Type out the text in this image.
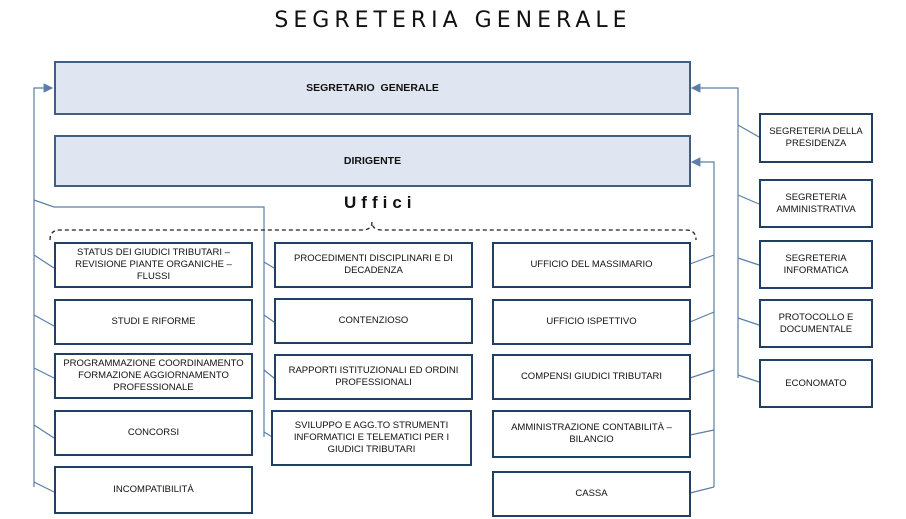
SEGRETERIA GENERALE
SEGRETARIO  GENERALE
DIRIGENTE
Uffici
STATUS DEI GIUDICI TRIBUTARI – REVISIONE PIANTE ORGANICHE – FLUSSI
STUDI E RIFORME
PROGRAMMAZIONE COORDINAMENTO FORMAZIONE AGGIORNAMENTO PROFESSIONALE
CONCORSI
INCOMPATIBILITÀ
PROCEDIMENTI DISCIPLINARI E DI DECADENZA
CONTENZIOSO
RAPPORTI ISTITUZIONALI ED ORDINI PROFESSIONALI
SVILUPPO E AGG.TO STRUMENTI INFORMATICI E TELEMATICI PER I GIUDICI TRIBUTARI
UFFICIO DEL MASSIMARIO
UFFICIO ISPETTIVO
COMPENSI GIUDICI TRIBUTARI
AMMINISTRAZIONE CONTABILITÀ – BILANCIO
CASSA
SEGRETERIA DELLA PRESIDENZA
SEGRETERIA AMMINISTRATIVA
SEGRETERIA INFORMATICA
PROTOCOLLO E DOCUMENTALE
ECONOMATO
